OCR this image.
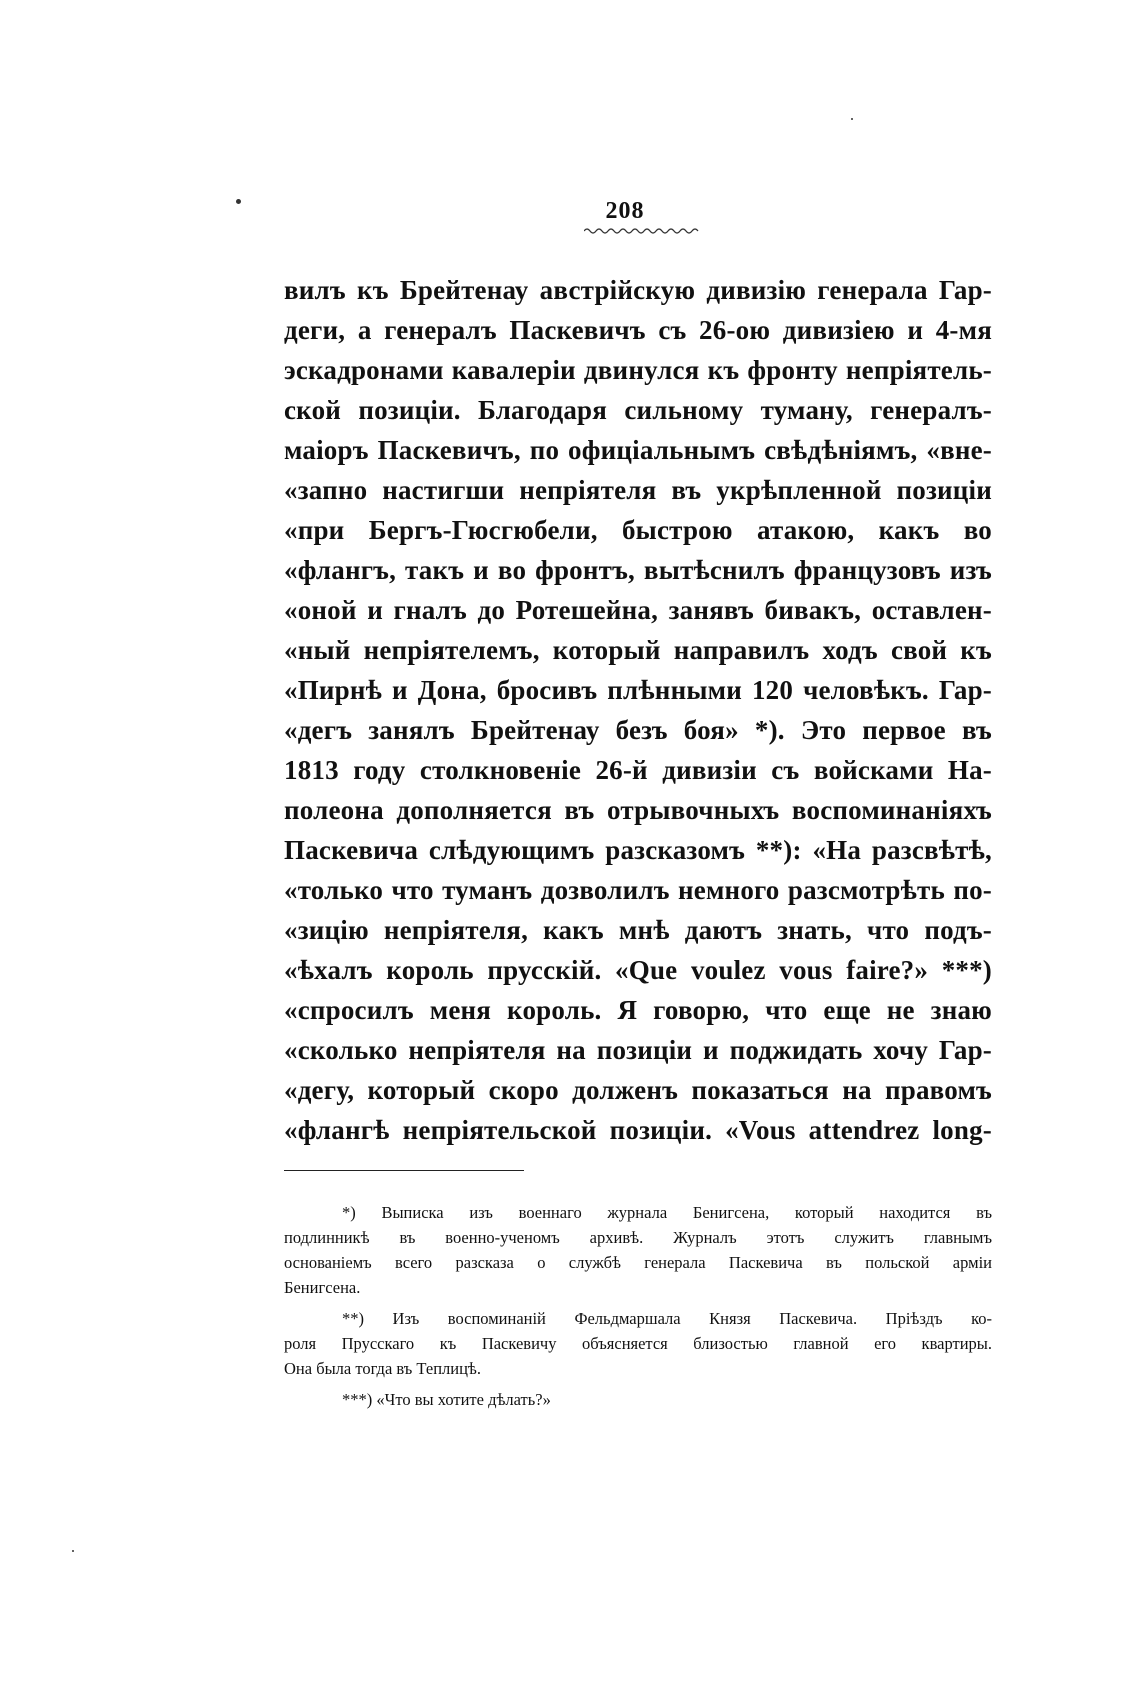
208
вилъ къ Брейтенау австрійскую дивизію генерала Гар-
деги, а генералъ Паскевичъ съ 26-ою дивизіею и 4-мя
эскадронами кавалеріи двинулся къ фронту непріятель-
ской позиціи. Благодаря сильному туману, генералъ-
маіоръ Паскевичъ, по офиціальнымъ свѣдѣніямъ, «вне-
«запно настигши непріятеля въ укрѣпленной позиціи
«при Бергъ-Гюсгюбели, быстрою атакою, какъ во
«флангъ, такъ и во фронтъ, вытѣснилъ французовъ изъ
«оной и гналъ до Ротешейна, занявъ бивакъ, оставлен-
«ный непріятелемъ, который направилъ ходъ свой къ
«Пирнѣ и Дона, бросивъ плѣнными 120 человѣкъ. Гар-
«дегъ занялъ Брейтенау безъ боя» *). Это первое въ
1813 году столкновеніе 26-й дивизіи съ войсками На-
полеона дополняется въ отрывочныхъ воспоминаніяхъ
Паскевича слѣдующимъ разсказомъ **): «На разсвѣтѣ,
«только что туманъ дозволилъ немного разсмотрѣть по-
«зицію непріятеля, какъ мнѣ даютъ знать, что подъ-
«ѣхалъ король прусскій. «Que voulez vous faire?» ***)
«спросилъ меня король. Я говорю, что еще не знаю
«сколько непріятеля на позиціи и поджидать хочу Гар-
«дегу, который скоро долженъ показаться на правомъ
«флангѣ непріятельской позиціи. «Vous attendrez long-
*) Выписка изъ военнаго журнала Бенигсена, который находится въ
подлинникѣ въ военно-ученомъ архивѣ. Журналъ этотъ служитъ главнымъ
основаніемъ всего разсказа о службѣ генерала Паскевича въ польской арміи
Бенигсена.
**) Изъ воспоминаній Фельдмаршала Князя Паскевича. Пріѣздъ ко-
роля Прусскаго къ Паскевичу объясняется близостью главной его квартиры.
Она была тогда въ Теплицѣ.
***) «Что вы хотите дѣлать?»
